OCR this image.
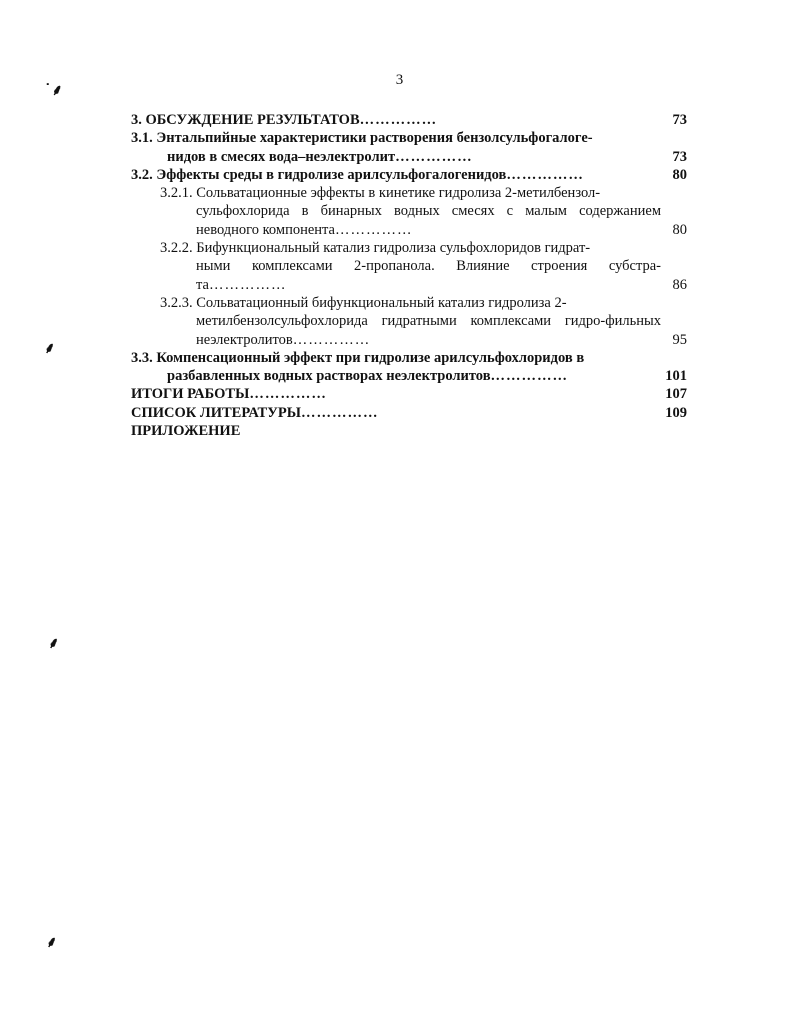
3
˙⸙
⸙
⸙
⸙
3. ОБСУЖДЕНИЕ РЕЗУЛЬТАТОВ……………	73
3.1. Энтальпийные характеристики растворения бензолсульфогалоге-
нидов в смесях вода–неэлектролит……………	73
3.2. Эффекты среды в гидролизе арилсульфогалогенидов……………	80
3.2.1. Сольватационные эффекты в кинетике гидролиза 2-метилбензол-
сульфохлорида в бинарных водных смесях с малым содержанием неводного компонента……………	80
3.2.2. Бифункциональный катализ гидролиза сульфохлоридов гидрат-
ными комплексами 2-пропанола. Влияние строения субстра-та……………	86
3.2.3. Сольватационный бифункциональный катализ гидролиза 2-
метилбензолсульфохлорида гидратными комплексами гидро-фильных неэлектролитов……………	95
3.3. Компенсационный эффект при гидролизе арилсульфохлоридов в
разбавленных водных растворах неэлектролитов……………	101
ИТОГИ РАБОТЫ……………	107
СПИСОК ЛИТЕРАТУРЫ……………	109
ПРИЛОЖЕНИЕ
